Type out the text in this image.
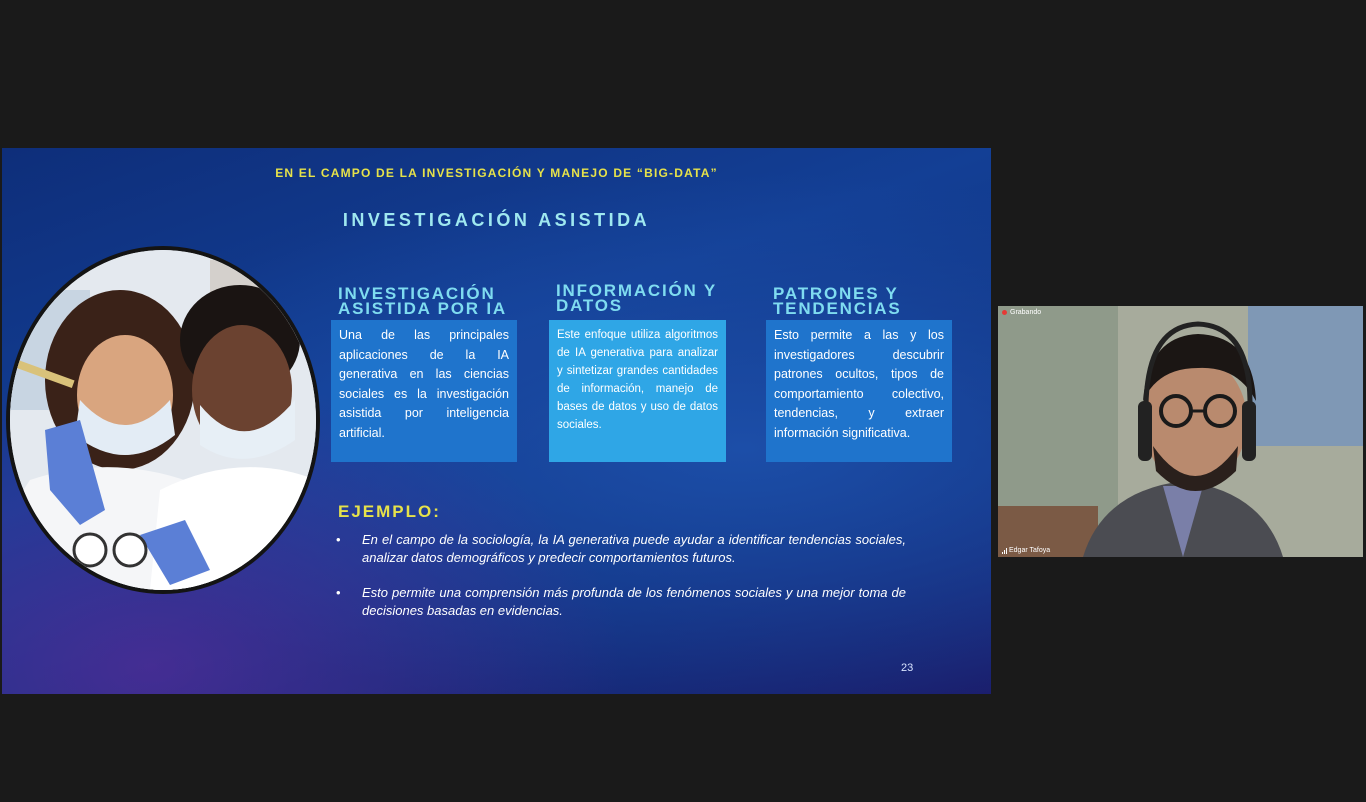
EN EL CAMPO DE LA INVESTIGACIÓN Y MANEJO DE “BIG-DATA”
INVESTIGACIÓN ASISTIDA
INVESTIGACIÓN ASISTIDA POR IA
INFORMACIÓN Y DATOS
PATRONES Y TENDENCIAS
Una de las principales aplicaciones de la IA generativa en las ciencias sociales es la investigación asistida por inteligencia artificial.
Este enfoque utiliza algoritmos de IA generativa para analizar y sintetizar grandes cantidades de información, manejo de bases de datos y uso de datos sociales.
Esto permite a las y los investigadores descubrir patrones ocultos, tipos de comportamiento colectivo, tendencias, y extraer información significativa.
EJEMPLO:
• En el campo de la sociología, la IA generativa puede ayudar a identificar tendencias sociales, analizar datos demográficos y predecir comportamientos futuros.
• Esto permite una comprensión más profunda de los fenómenos sociales y una mejor toma de decisiones basadas en evidencias.
23
Grabando
Edgar Tafoya
